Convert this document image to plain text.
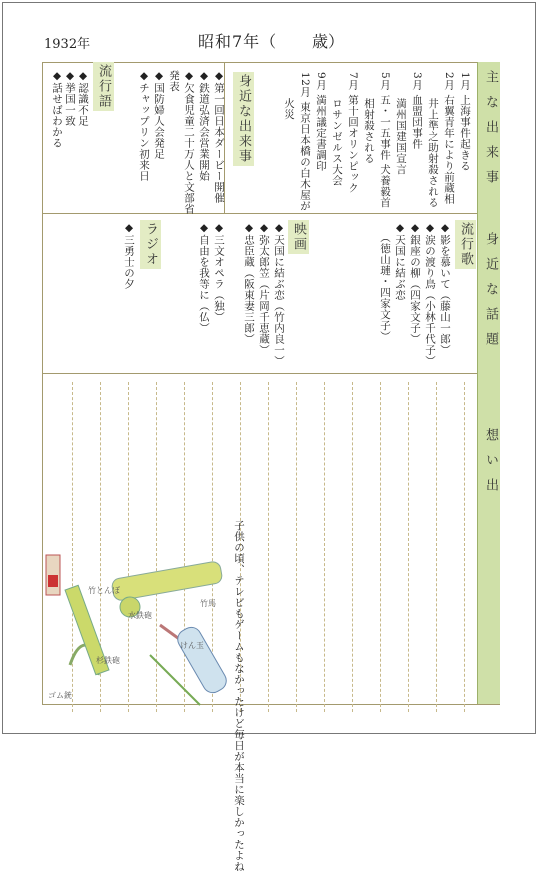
1932年	昭和7年（ 歳）
主な出来事
身近な話題
想い出
1月 上海事件起きる
2月 右翼青年により前蔵相
　　 井上準之助射殺される
3月 血盟団事件
　　 満州国建国宣言
5月 五・一五事件 犬養毅首
　　 相射殺される
7月 第十回オリンピック
　　 ロサンゼルス大会
9月 満州議定書調印
12月 東京日本橋の白木屋が
　　 火災
身近な出来事
◆第一回日本ダービー開催
◆鉄道弘済会営業開始
◆欠食児童二十万人と文部省
発表
◆国防婦人会発足
◆チャップリン初来日
流行語
◆認識不足
◆挙国一致
◆話せばわかる
流行歌
◆影を慕いて（藤山一郎）
◆涙の渡り鳥（小林千代子）
◆銀座の柳（四家文子）
◆天国に結ぶ恋
（徳山璉・四家文子）
映画
◆天国に結ぶ恋（竹内良一）
◆弥太郎笠（片岡千恵蔵）
◆忠臣蔵（阪東妻三郎）
◆三文オペラ（独）
◆自由を我等に（仏）
ラジオ
◆三勇士の夕
子供の頃、テレビもゲームもなかったけど毎日が本当に楽しかったよね
竹とんぼ
水鉄砲
杉鉄砲
竹馬
ゴム銃
けん玉
